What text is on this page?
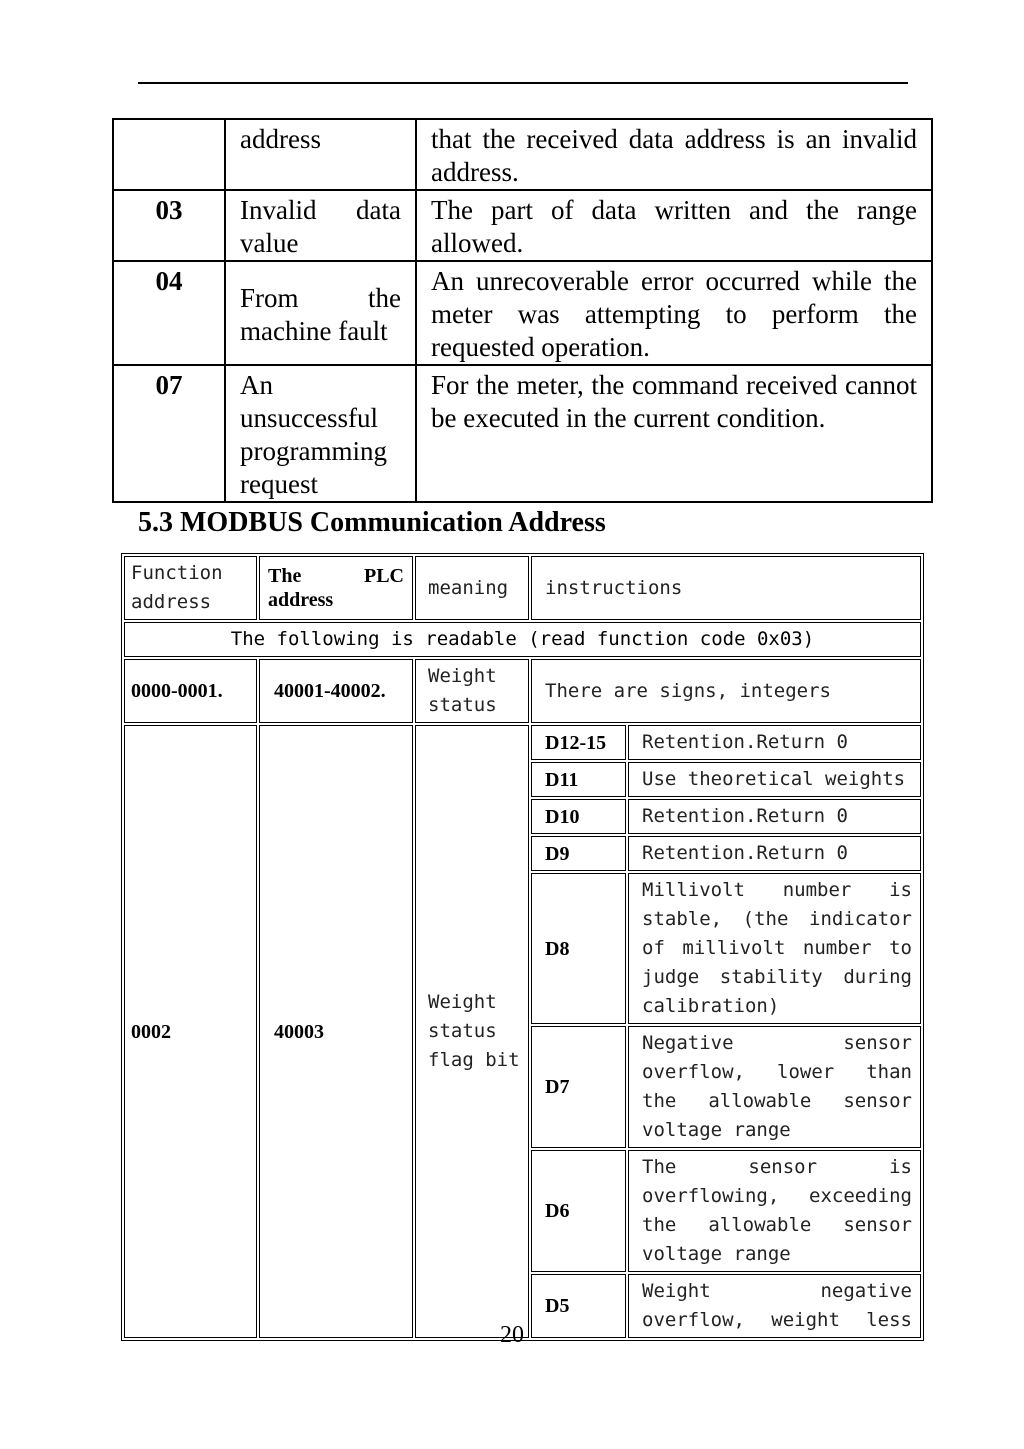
	address	that the received data address is an invalid address.
03	Invalid data value	The part of data written and the range allowed.
04	From the machine fault	An unrecoverable error occurred while the meter was attempting to perform the requested operation.
07	An unsuccessful programming request	For the meter, the command received cannot be executed in the current condition.
5.3 MODBUS Communication Address
Function address	The PLC address	meaning	instructions	
The following is readable (read function code 0x03)				
0000-0001.	40001-40002.	Weight status	There are signs, integers	
0002	40003	Weight status flag bit	D12-15	Retention.Return 0
			D11	Use theoretical weights
			D10	Retention.Return 0
			D9	Retention.Return 0
			D8	Millivolt number is stable, (the indicator of millivolt number to judge stability during calibration)
			D7	Negative sensor overflow, lower than the allowable sensor voltage range
			D6	The sensor is overflowing, exceeding the allowable sensor voltage range
			D5	Weight negative overflow, weight less
20
